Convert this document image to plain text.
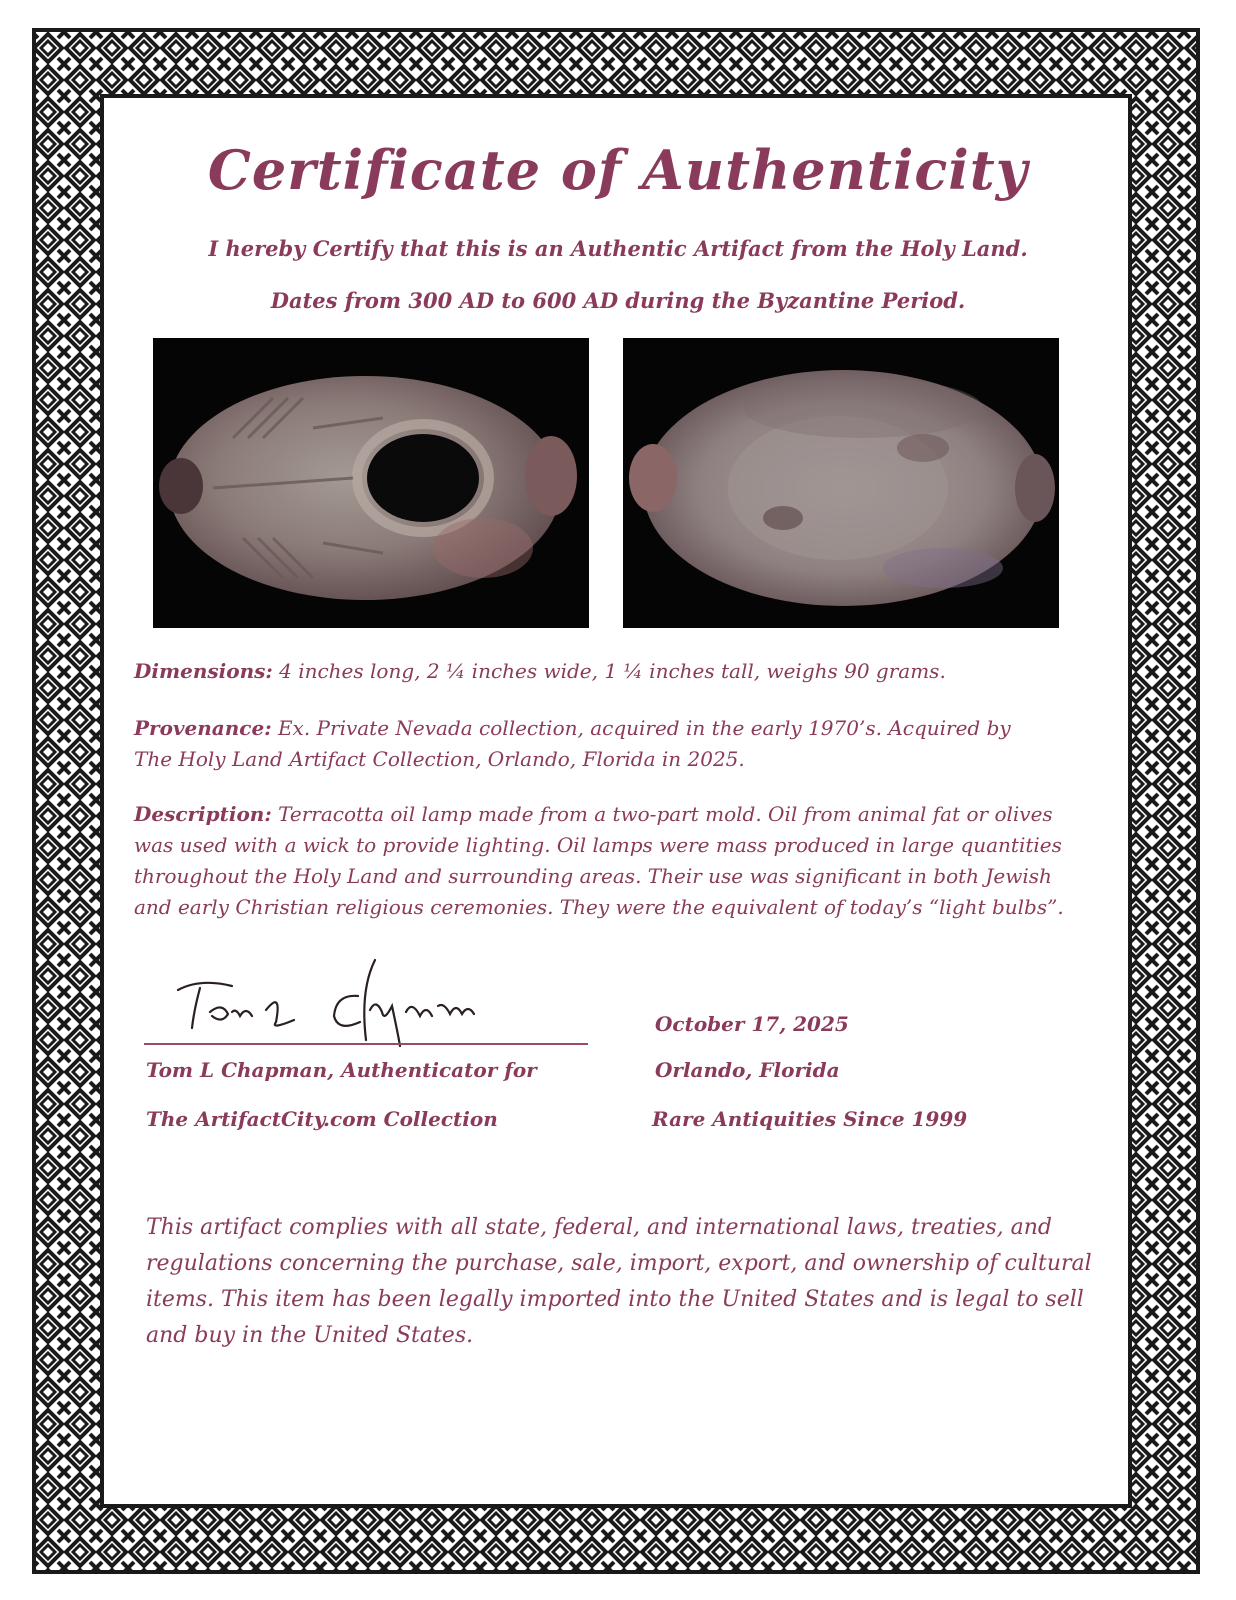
Certificate of Authenticity
I hereby Certify that this is an Authentic Artifact from the Holy Land.
Dates from 300 AD to 600 AD during the Byzantine Period.
Dimensions: 4 inches long, 2 ¼ inches wide, 1 ¼ inches tall, weighs 90 grams.
Provenance: Ex. Private Nevada collection, acquired in the early 1970’s. Acquired by The Holy Land Artifact Collection, Orlando, Florida in 2025.
Description: Terracotta oil lamp made from a two-part mold. Oil from animal fat or olives was used with a wick to provide lighting. Oil lamps were mass produced in large quantities throughout the Holy Land and surrounding areas. Their use was significant in both Jewish and early Christian religious ceremonies. They were the equivalent of today’s “light bulbs”.
Tom L Chapman, Authenticator for
The ArtifactCity.com Collection
October 17, 2025
Orlando, Florida
Rare Antiquities Since 1999
This artifact complies with all state, federal, and international laws, treaties, and regulations concerning the purchase, sale, import, export, and ownership of cultural items. This item has been legally imported into the United States and is legal to sell and buy in the United States.
